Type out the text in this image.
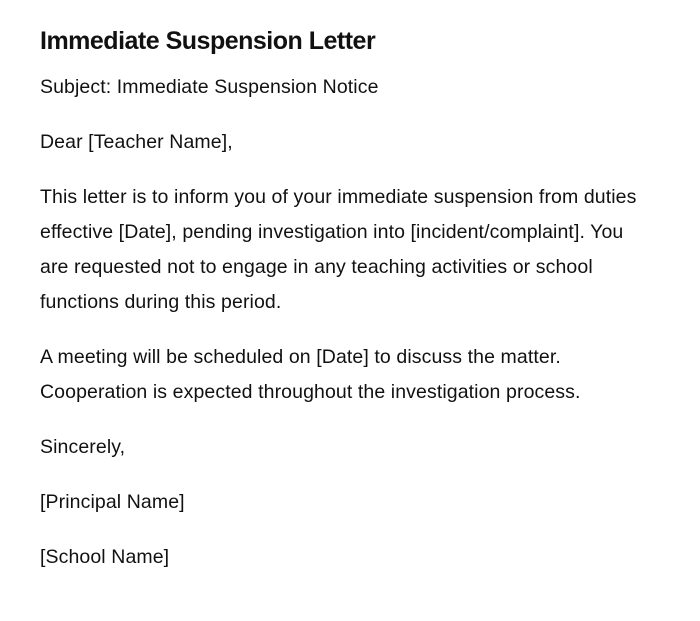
Immediate Suspension Letter

Subject: Immediate Suspension Notice

Dear [Teacher Name],

This letter is to inform you of your immediate suspension from duties effective [Date], pending investigation into [incident/complaint]. You are requested not to engage in any teaching activities or school functions during this period.

A meeting will be scheduled on [Date] to discuss the matter. Cooperation is expected throughout the investigation process.

Sincerely,

[Principal Name]

[School Name]
